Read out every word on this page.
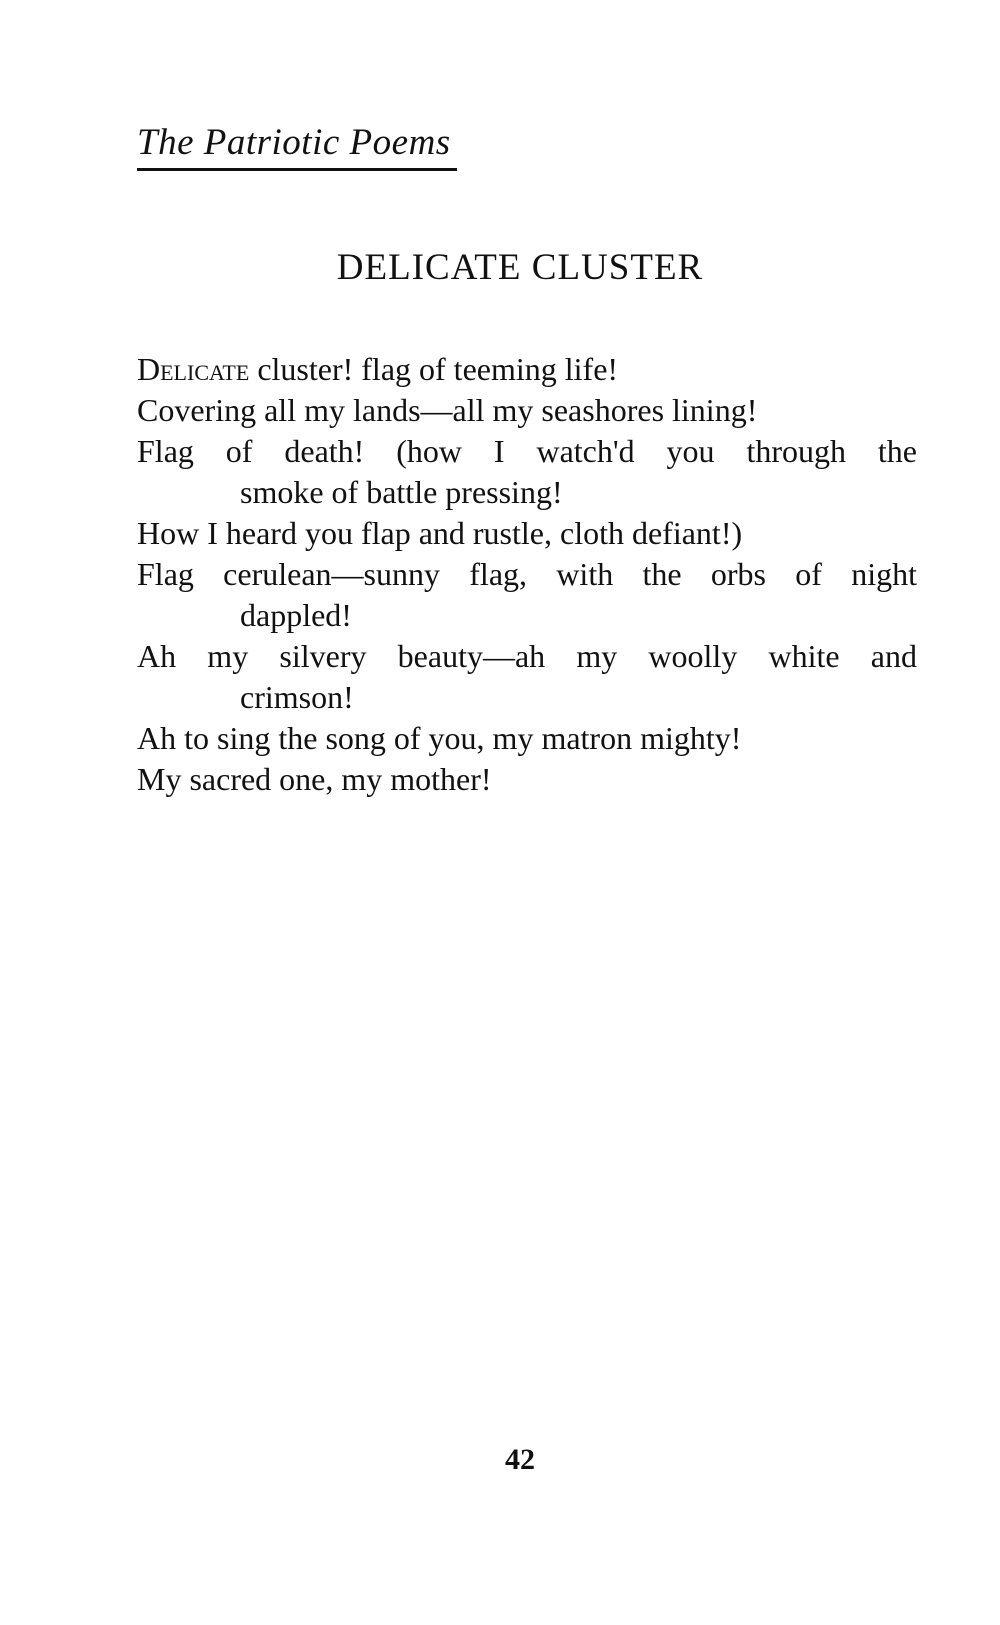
The Patriotic Poems
DELICATE CLUSTER
Delicate cluster! flag of teeming life!
Covering all my lands—all my seashores lining!
Flag of death! (how I watch'd you through the
smoke of battle pressing!
How I heard you flap and rustle, cloth defiant!)
Flag cerulean—sunny flag, with the orbs of night
dappled!
Ah my silvery beauty—ah my woolly white and
crimson!
Ah to sing the song of you, my matron mighty!
My sacred one, my mother!
42
